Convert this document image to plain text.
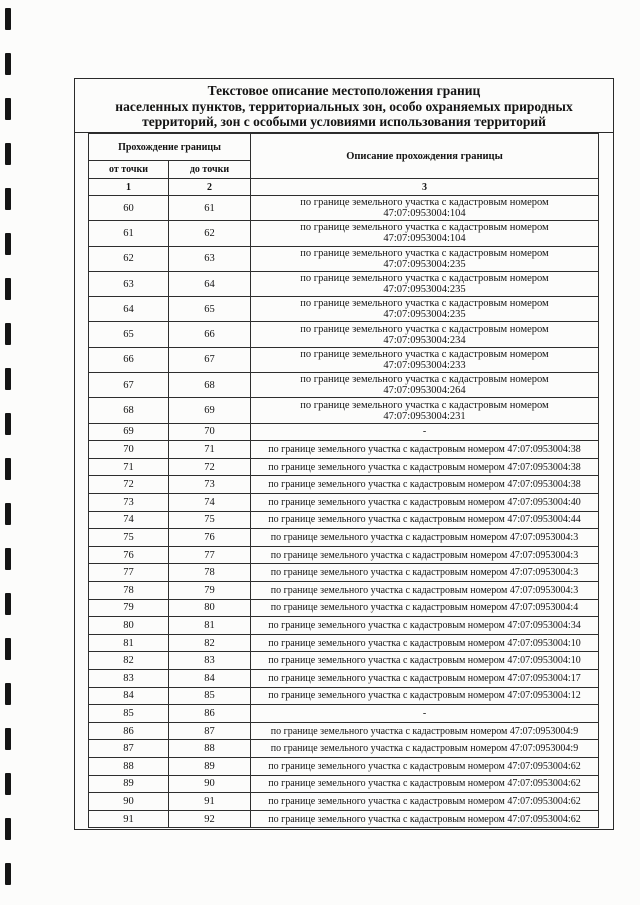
Текстовое описание местоположения границ
населенных пунктов, территориальных зон, особо охраняемых природных
территорий, зон с особыми условиями использования территорий
Прохождение границы		Описание прохождения границы
от точки	до точки	
1	2	3
60	61	по границе земельного участка с кадастровым номером 47:07:0953004:104
61	62	по границе земельного участка с кадастровым номером 47:07:0953004:104
62	63	по границе земельного участка с кадастровым номером 47:07:0953004:235
63	64	по границе земельного участка с кадастровым номером 47:07:0953004:235
64	65	по границе земельного участка с кадастровым номером 47:07:0953004:235
65	66	по границе земельного участка с кадастровым номером 47:07:0953004:234
66	67	по границе земельного участка с кадастровым номером 47:07:0953004:233
67	68	по границе земельного участка с кадастровым номером 47:07:0953004:264
68	69	по границе земельного участка с кадастровым номером 47:07:0953004:231
69	70	-
70	71	по границе земельного участка с кадастровым номером 47:07:0953004:38
71	72	по границе земельного участка с кадастровым номером 47:07:0953004:38
72	73	по границе земельного участка с кадастровым номером 47:07:0953004:38
73	74	по границе земельного участка с кадастровым номером 47:07:0953004:40
74	75	по границе земельного участка с кадастровым номером 47:07:0953004:44
75	76	по границе земельного участка с кадастровым номером 47:07:0953004:3
76	77	по границе земельного участка с кадастровым номером 47:07:0953004:3
77	78	по границе земельного участка с кадастровым номером 47:07:0953004:3
78	79	по границе земельного участка с кадастровым номером 47:07:0953004:3
79	80	по границе земельного участка с кадастровым номером 47:07:0953004:4
80	81	по границе земельного участка с кадастровым номером 47:07:0953004:34
81	82	по границе земельного участка с кадастровым номером 47:07:0953004:10
82	83	по границе земельного участка с кадастровым номером 47:07:0953004:10
83	84	по границе земельного участка с кадастровым номером 47:07:0953004:17
84	85	по границе земельного участка с кадастровым номером 47:07:0953004:12
85	86	-
86	87	по границе земельного участка с кадастровым номером 47:07:0953004:9
87	88	по границе земельного участка с кадастровым номером 47:07:0953004:9
88	89	по границе земельного участка с кадастровым номером 47:07:0953004:62
89	90	по границе земельного участка с кадастровым номером 47:07:0953004:62
90	91	по границе земельного участка с кадастровым номером 47:07:0953004:62
91	92	по границе земельного участка с кадастровым номером 47:07:0953004:62
